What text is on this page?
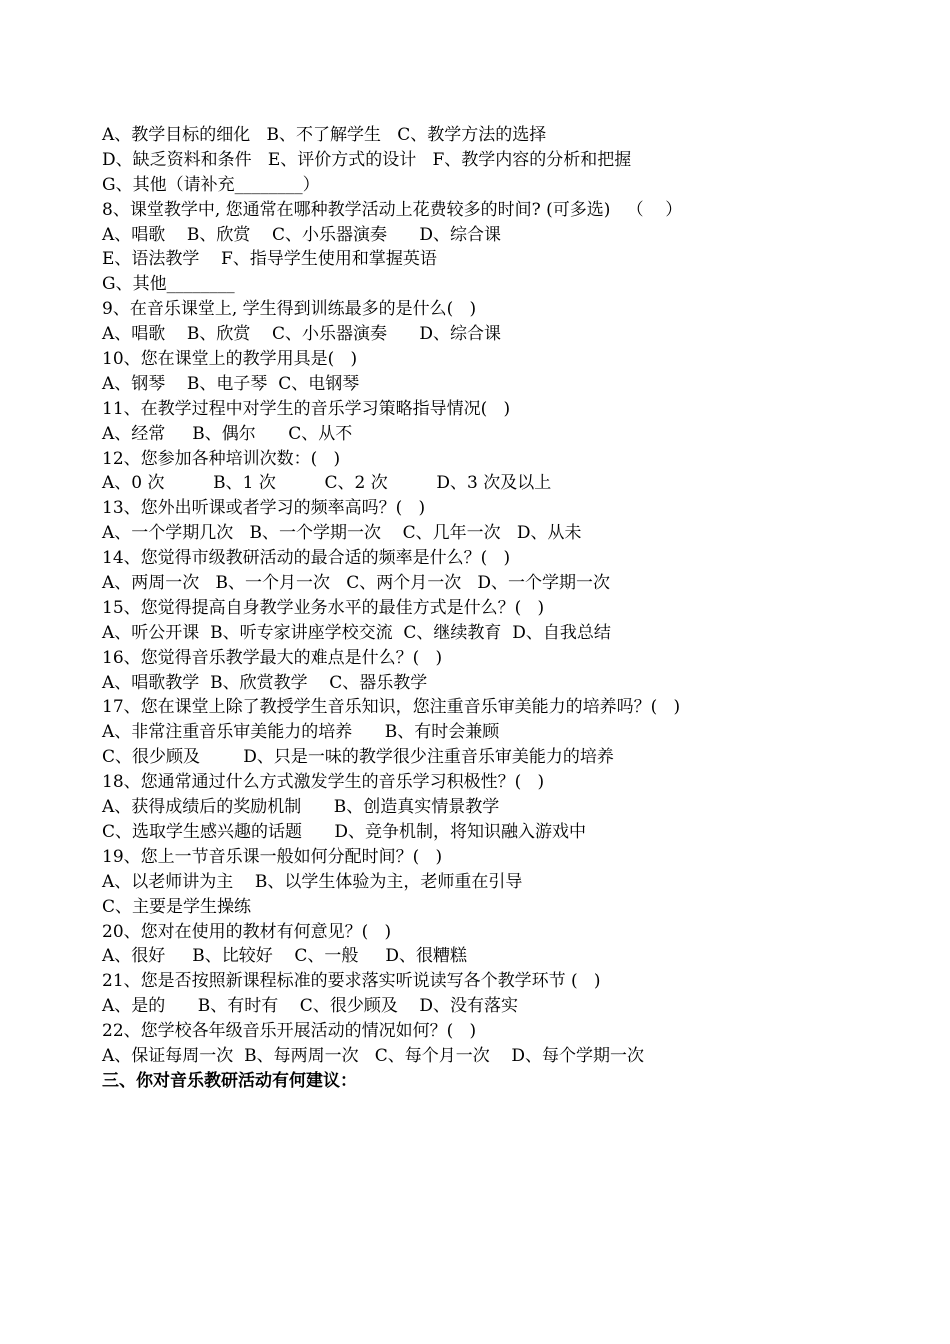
A、教学目标的细化   B、不了解学生   C、教学方法的选择
D、缺乏资料和条件   E、评价方式的设计   F、教学内容的分析和把握
G、其他（请补充________）
8、课堂教学中, 您通常在哪种教学活动上花费较多的时间? (可多选)   （    ）
A、唱歌    B、欣赏    C、小乐器演奏      D、综合课
E、语法教学    F、指导学生使用和掌握英语
G、其他________
9、在音乐课堂上, 学生得到训练最多的是什么(   )
A、唱歌    B、欣赏    C、小乐器演奏      D、综合课
10、您在课堂上的教学用具是(   )
A、钢琴    B、电子琴  C、电钢琴
11、在教学过程中对学生的音乐学习策略指导情况(   )
A、经常     B、偶尔      C、从不
12、您参加各种培训次数：(   )
A、0 次         B、1 次         C、2 次         D、3 次及以上
13、您外出听课或者学习的频率高吗？(   )
A、一个学期几次   B、一个学期一次    C、几年一次   D、从未
14、您觉得市级教研活动的最合适的频率是什么？(   )
A、两周一次   B、一个月一次   C、两个月一次   D、一个学期一次
15、您觉得提高自身教学业务水平的最佳方式是什么？(   )
A、听公开课  B、听专家讲座学校交流  C、继续教育  D、自我总结
16、您觉得音乐教学最大的难点是什么？(   )
A、唱歌教学  B、欣赏教学    C、器乐教学
17、您在课堂上除了教授学生音乐知识，您注重音乐审美能力的培养吗？(   )
A、非常注重音乐审美能力的培养      B、有时会兼顾
C、很少顾及        D、只是一味的教学很少注重音乐审美能力的培养
18、您通常通过什么方式激发学生的音乐学习积极性？(   )
A、获得成绩后的奖励机制      B、创造真实情景教学
C、选取学生感兴趣的话题      D、竞争机制，将知识融入游戏中
19、您上一节音乐课一般如何分配时间？(   )
A、以老师讲为主    B、以学生体验为主，老师重在引导
C、主要是学生操练
20、您对在使用的教材有何意见？(   )
A、很好     B、比较好    C、一般     D、很糟糕
21、您是否按照新课程标准的要求落实听说读写各个教学环节 (   )
A、是的      B、有时有    C、很少顾及    D、没有落实
22、您学校各年级音乐开展活动的情况如何？(   )
A、保证每周一次  B、每两周一次   C、每个月一次    D、每个学期一次
三、你对音乐教研活动有何建议：
